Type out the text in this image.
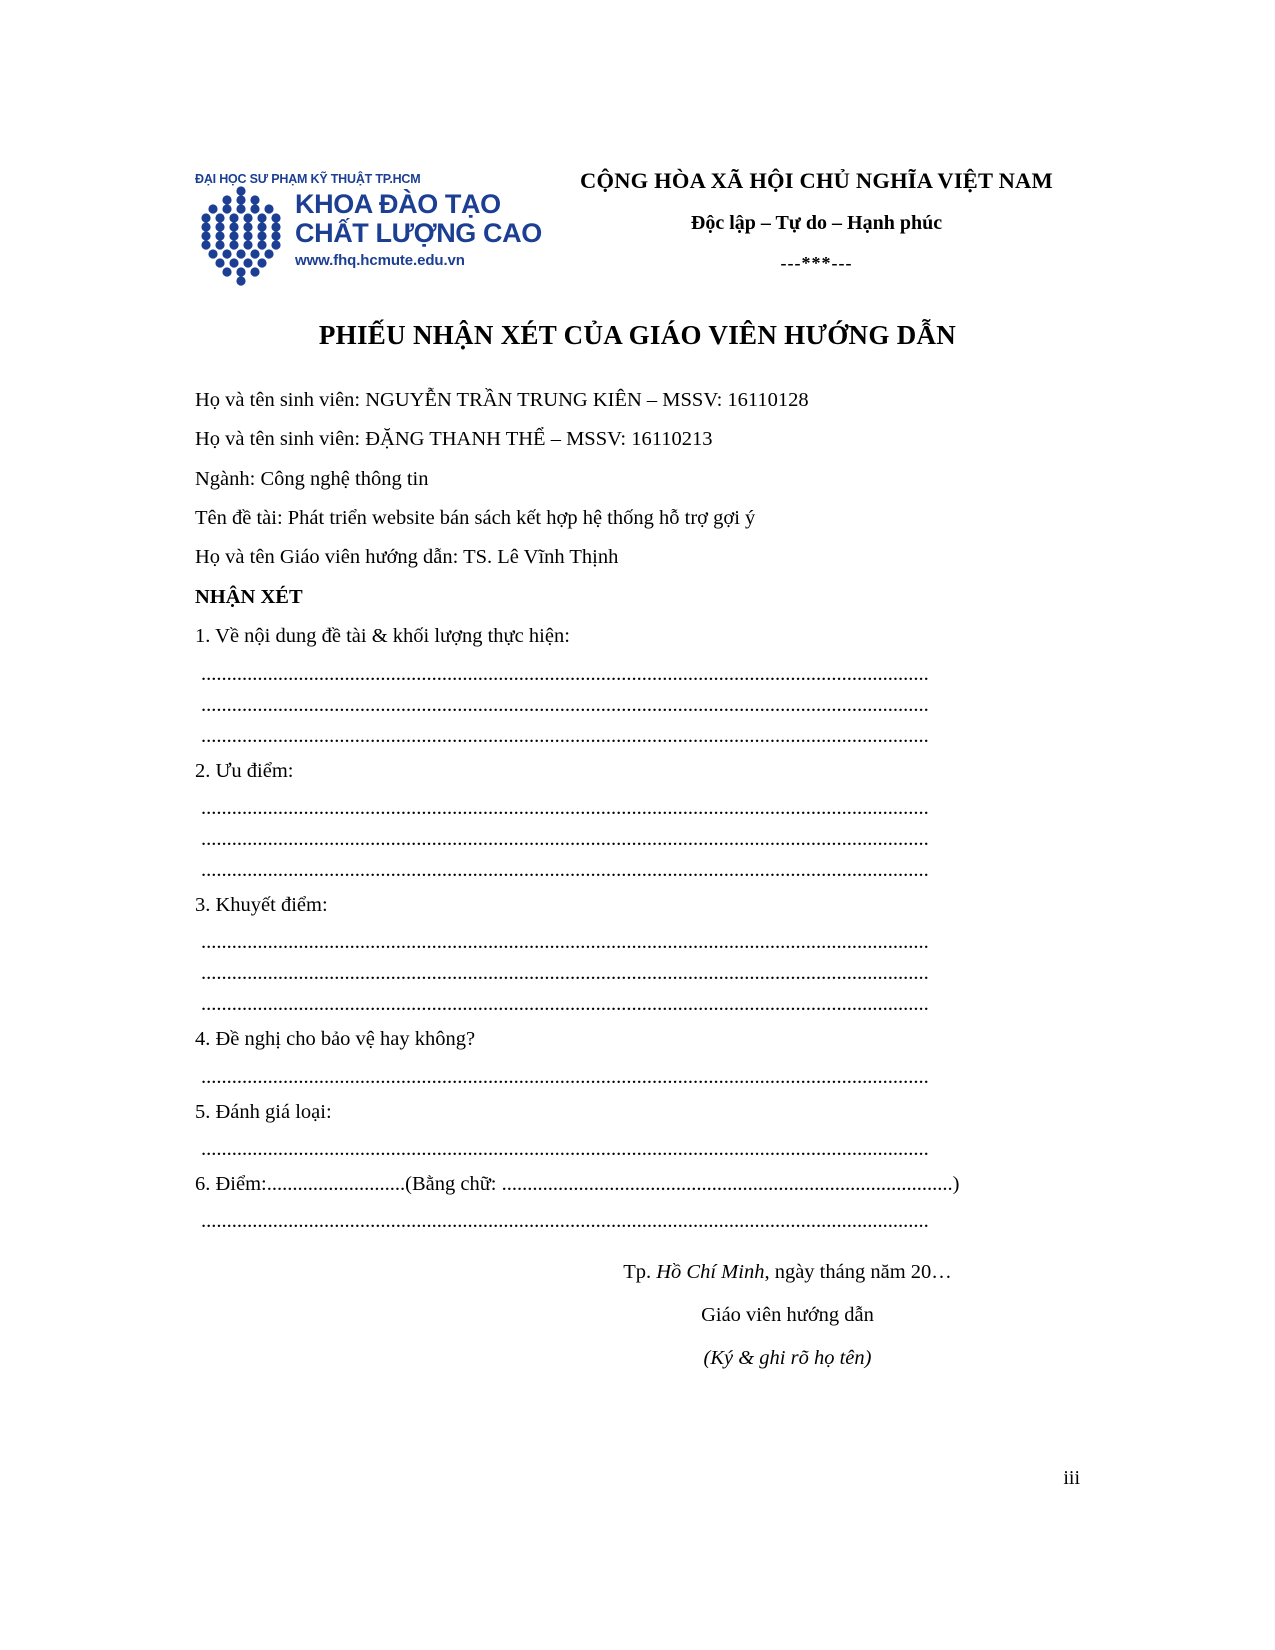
ĐẠI HỌC SƯ PHẠM KỸ THUẬT TP.HCM
KHOA ĐÀO TẠO
CHẤT LƯỢNG CAO
www.fhq.hcmute.edu.vn
CỘNG HÒA XÃ HỘI CHỦ NGHĨA VIỆT NAM
Độc lập – Tự do – Hạnh phúc
---***---
PHIẾU NHẬN XÉT CỦA GIÁO VIÊN HƯỚNG DẪN
Họ và tên sinh viên: NGUYỄN TRẦN TRUNG KIÊN – MSSV: 16110128
Họ và tên sinh viên: ĐẶNG THANH THỂ – MSSV: 16110213
Ngành: Công nghệ thông tin
Tên đề tài: Phát triển website bán sách kết hợp hệ thống hỗ trợ gợi ý
Họ và tên Giáo viên hướng dẫn: TS. Lê Vĩnh Thịnh
NHẬN XÉT
1. Về nội dung đề tài & khối lượng thực hiện:
..............................................................................................................................................
..............................................................................................................................................
..............................................................................................................................................
2. Ưu điểm:
..............................................................................................................................................
..............................................................................................................................................
..............................................................................................................................................
3. Khuyết điểm:
..............................................................................................................................................
..............................................................................................................................................
..............................................................................................................................................
4. Đề nghị cho bảo vệ hay không?
..............................................................................................................................................
5. Đánh giá loại:
..............................................................................................................................................
6. Điểm:...........................(Bằng chữ: ........................................................................................)
..............................................................................................................................................
Tp. Hồ Chí Minh, ngày tháng năm 20…
Giáo viên hướng dẫn
(Ký & ghi rõ họ tên)
iii
